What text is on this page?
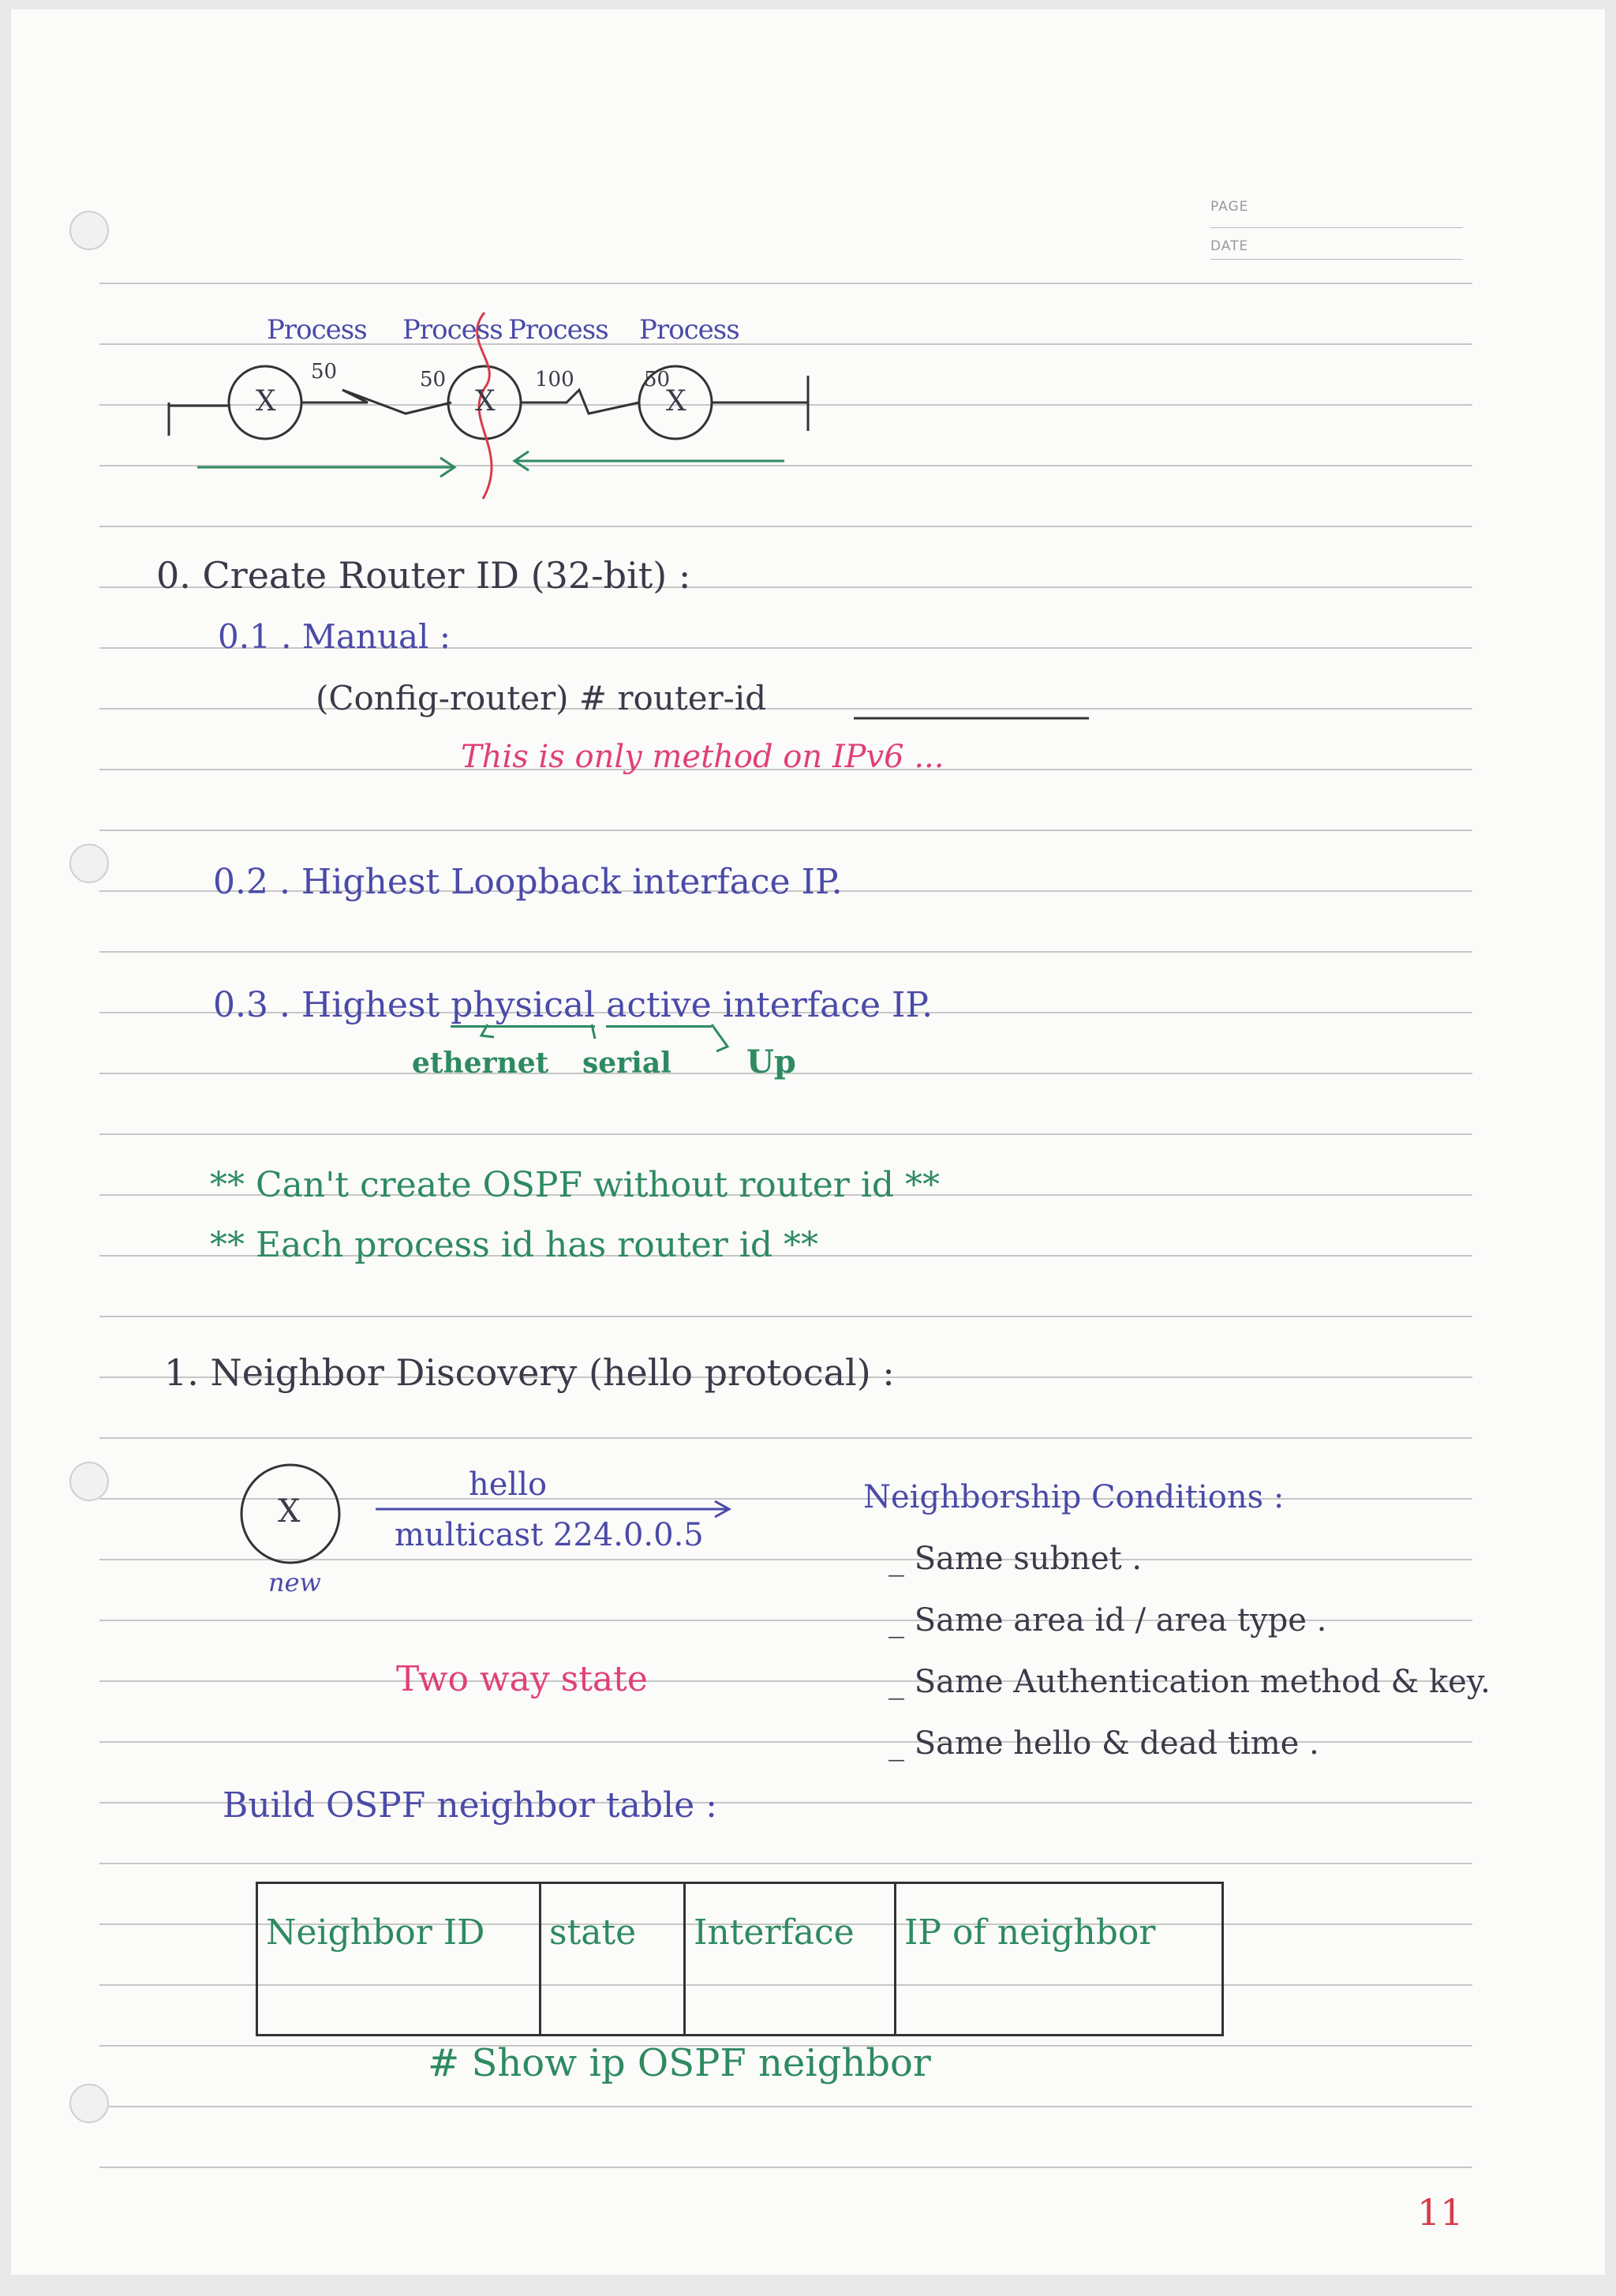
PAGE
DATE
Process Process Process Process
50	50	100	50
X	X	X
0. Create Router ID (32-bit) :
0.1 . Manual :
(Config-router) # router-id
This is only method on IPv6 ...
0.2 . Highest Loopback interface IP.
0.3 . Highest physical active interface IP.
ethernet serial Up
** Can't create OSPF without router id **
** Each process id has router id **
1. Neighbor Discovery (hello protocal) :
X
new
hello
multicast 224.0.0.5
Two way state
Neighborship Conditions :
_ Same subnet .
_ Same area id / area type .
_ Same Authentication method & key.
_ Same hello & dead time .
Build OSPF neighbor table :
Neighbor ID	state	Interface	IP of neighbor
# Show ip OSPF neighbor
11
